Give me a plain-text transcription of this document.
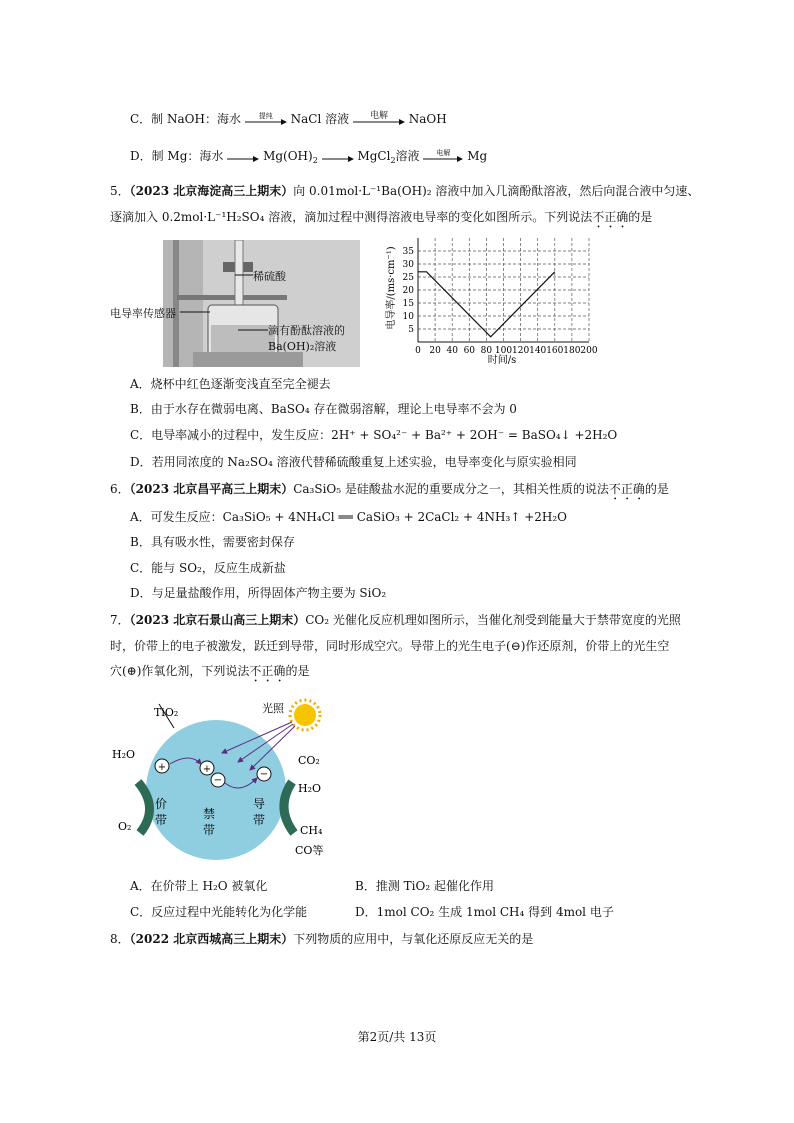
C．制 NaOH：海水	提纯	NaCl 溶液	电解	NaOH
D．制 Mg：海水	$Mg(OH)_2$	MgCl$_2$溶液	电解	Mg
5．（2023 北京海淀高三上期末）向 0.01mol·L⁻¹Ba(OH)₂ 溶液中加入几滴酚酞溶液，然后向混合液中匀速、
逐滴加入 0.2mol·L⁻¹H₂SO₄ 溶液，滴加过程中测得溶液电导率的变化如图所示。下列说法不正确的是
稀硫酸
电导率传感器
滴有酚酞溶液的
Ba(OH)₂溶液	0 20 40 60 80 100 120 140 160 180 200
5
10
15
20
25
30
35
电导率/(ms·cm⁻¹)
时间/s
A．烧杯中红色逐渐变浅直至完全褪去
B．由于水存在微弱电离、BaSO₄ 存在微弱溶解，理论上电导率不会为 0
C．电导率减小的过程中，发生反应：2H⁺ + SO₄²⁻ + Ba²⁺ + 2OH⁻ = BaSO₄↓ +2H₂O
D．若用同浓度的 Na₂SO₄ 溶液代替稀硫酸重复上述实验，电导率变化与原实验相同
6．（2023 北京昌平高三上期末）Ca₃SiO₅ 是硅酸盐水泥的重要成分之一，其相关性质的说法不正确的是
A．可发生反应：Ca₃SiO₅ + 4NH₄Cl ══ CaSiO₃ + 2CaCl₂ + 4NH₃↑ +2H₂O
B．具有吸水性，需要密封保存
C．能与 SO₂，反应生成新盐
D．与足量盐酸作用，所得固体产物主要为 SiO₂
7．（2023 北京石景山高三上期末）CO₂ 光催化反应机理如图所示，当催化剂受到能量大于禁带宽度的光照
时，价带上的电子被激发，跃迁到导带，同时形成空穴。导带上的光生电子(⊖)作还原剂，价带上的光生空
穴(⊕)作氧化剂，下列说法不正确的是
+	+
−
−
TiO₂	光照
H₂O
O₂
价
带	禁
带
导
带
CO₂
H₂O
CH₄
CO等
A．在价带上 H₂O 被氧化	B．推测 TiO₂ 起催化作用
C．反应过程中光能转化为化学能	D．1mol CO₂ 生成 1mol CH₄ 得到 4mol 电子
8．（2022 北京西城高三上期末）下列物质的应用中，与氧化还原反应无关的是
第2页/共 13页
